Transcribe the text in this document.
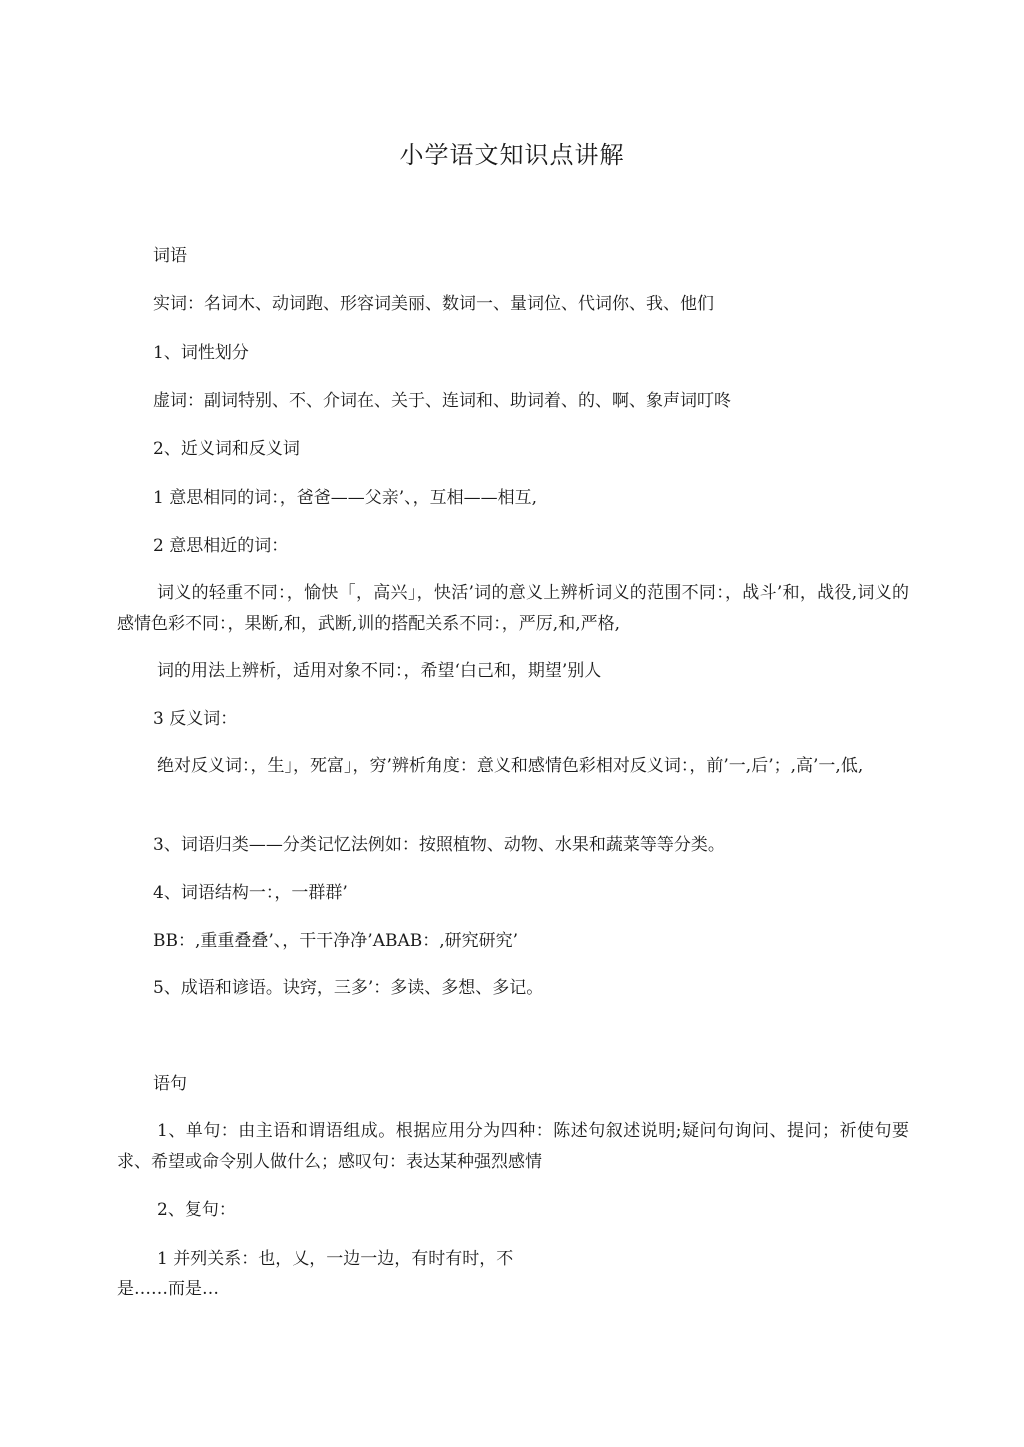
小学语文知识点讲解
词语
实词：名词木、动词跑、形容词美丽、数词一、量词位、代词你、我、他们
1、词性划分
虚词：副词特别、不、介词在、关于、连词和、助词着、的、啊、象声词叮咚
2、近义词和反义词
1 意思相同的词：，爸爸——父亲’、，互相——相互,
2 意思相近的词：
词义的轻重不同：，愉快「，高兴」，快活’词的意义上辨析词义的范围不同：，战斗’和，战役,词义的感情色彩不同：，果断,和，武断,训的搭配关系不同：，严厉,和,严格,
词的用法上辨析，适用对象不同：，希望‘白己和，期望’别人
3 反义词：
绝对反义词：，生」，死富」，穷’辨析角度：意义和感情色彩相对反义词：，前’一,后’；,高’一,低,
3、词语归类——分类记忆法例如：按照植物、动物、水果和蔬菜等等分类。
4、词语结构一：，一群群’
BB：,重重叠叠’、，干干净净’ABAB：,研究研究’
5、成语和谚语。诀窍，三多’：多读、多想、多记。
语句
1、单句：由主语和谓语组成。根据应用分为四种：陈述句叙述说明;疑问句询问、提问；祈使句要求、希望或命令别人做什么；感叹句：表达某种强烈感情
2、复句：
1 并列关系：也，乂，一边一边，有时有时，不
是……而是…
